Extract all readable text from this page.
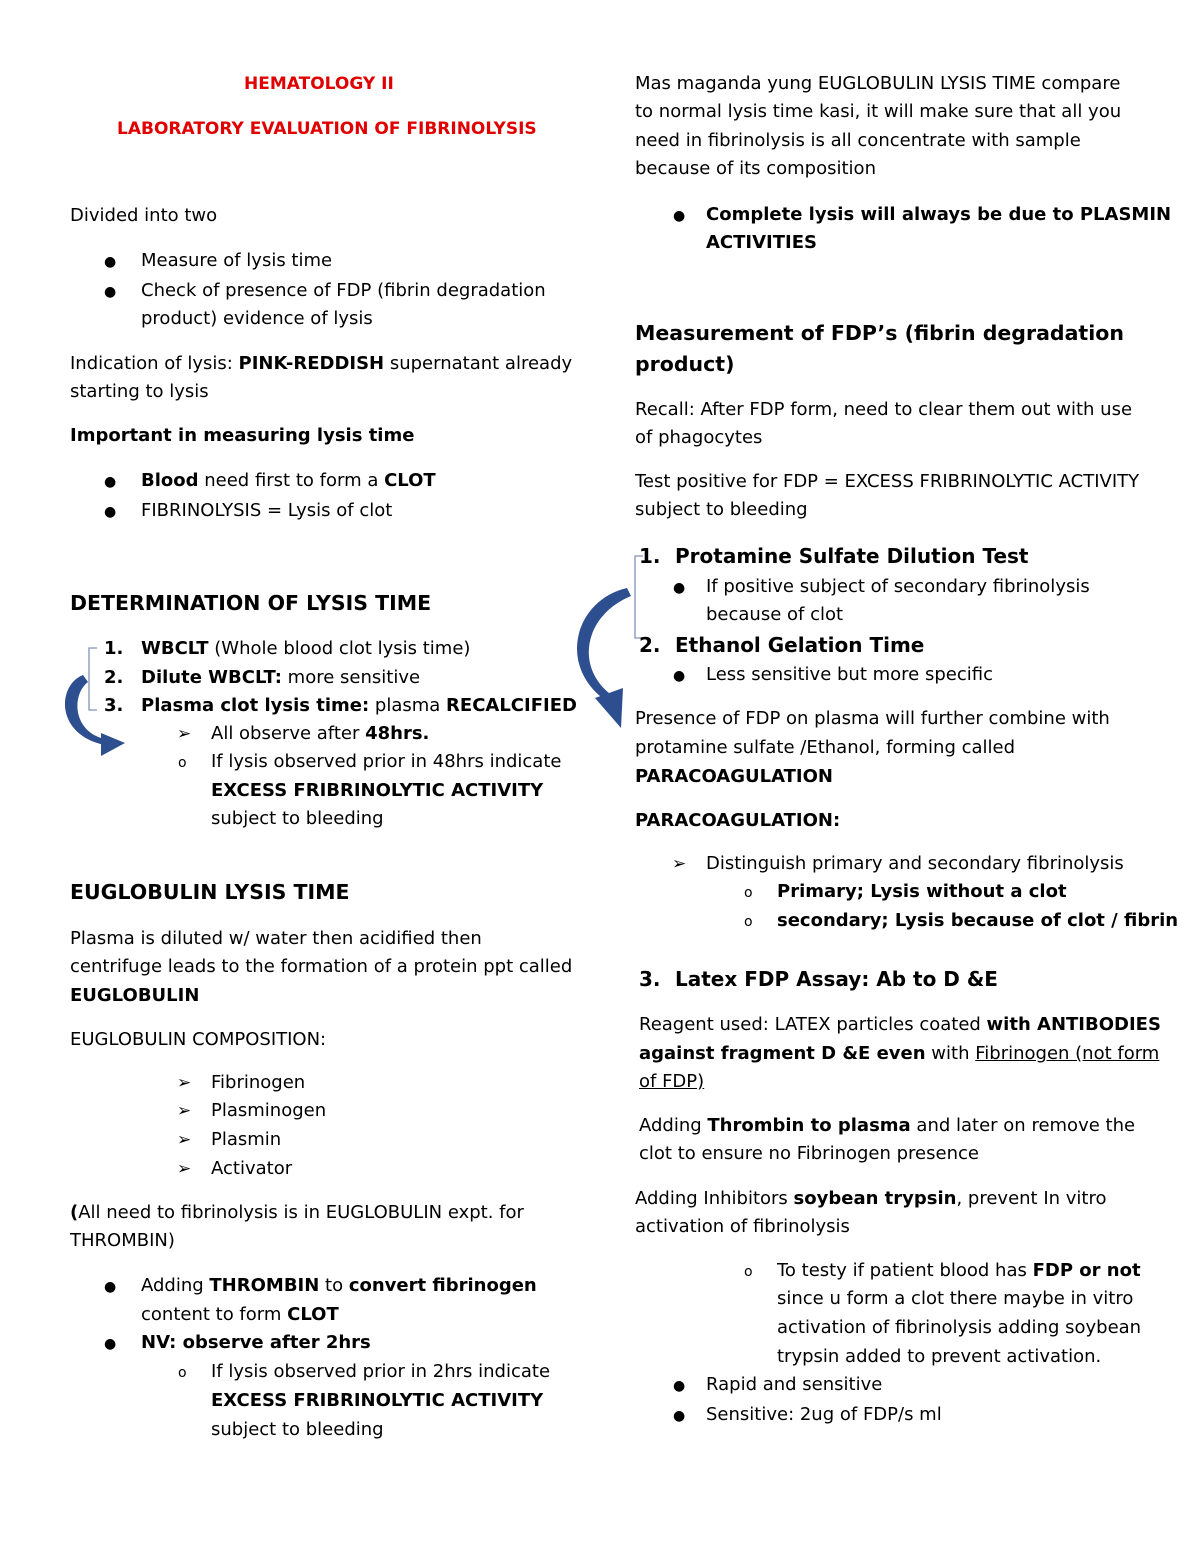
HEMATOLOGY II
LABORATORY EVALUATION OF FIBRINOLYSIS
Divided into two
● Measure of lysis time
● Check of presence of FDP (fibrin degradation
product) evidence of lysis
Indication of lysis: PINK-REDDISH supernatant already
starting to lysis
Important in measuring lysis time
● Blood need first to form a CLOT
● FIBRINOLYSIS = Lysis of clot
DETERMINATION OF LYSIS TIME
1. WBCLT (Whole blood clot lysis time)
2. Dilute WBCLT: more sensitive
3. Plasma clot lysis time: plasma RECALCIFIED
➢ All observe after 48hrs.
o If lysis observed prior in 48hrs indicate
EXCESS FRIBRINOLYTIC ACTIVITY
subject to bleeding
EUGLOBULIN LYSIS TIME
Plasma is diluted w/ water then acidified then
centrifuge leads to the formation of a protein ppt called
EUGLOBULIN
EUGLOBULIN COMPOSITION:
➢ Fibrinogen
➢ Plasminogen
➢ Plasmin
➢ Activator
(All need to fibrinolysis is in EUGLOBULIN expt. for
THROMBIN)
● Adding THROMBIN to convert fibrinogen
content to form CLOT
● NV: observe after 2hrs
o If lysis observed prior in 2hrs indicate
EXCESS FRIBRINOLYTIC ACTIVITY
subject to bleeding
Mas maganda yung EUGLOBULIN LYSIS TIME compare
to normal lysis time kasi, it will make sure that all you
need in fibrinolysis is all concentrate with sample
because of its composition
● Complete lysis will always be due to PLASMIN
ACTIVITIES
Measurement of FDP’s (fibrin degradation
product)
Recall: After FDP form, need to clear them out with use
of phagocytes
Test positive for FDP = EXCESS FRIBRINOLYTIC ACTIVITY
subject to bleeding
1. Protamine Sulfate Dilution Test
● If positive subject of secondary fibrinolysis
because of clot
2. Ethanol Gelation Time
● Less sensitive but more specific
Presence of FDP on plasma will further combine with
protamine sulfate /Ethanol, forming called
PARACOAGULATION
PARACOAGULATION:
➢ Distinguish primary and secondary fibrinolysis
o Primary; Lysis without a clot
o secondary; Lysis because of clot / fibrin
3. Latex FDP Assay: Ab to D &E
Reagent used: LATEX particles coated with ANTIBODIES
against fragment D &E even with Fibrinogen (not form
of FDP)
Adding Thrombin to plasma and later on remove the
clot to ensure no Fibrinogen presence
Adding Inhibitors soybean trypsin, prevent In vitro
activation of fibrinolysis
o To testy if patient blood has FDP or not
since u form a clot there maybe in vitro
activation of fibrinolysis adding soybean
trypsin added to prevent activation.
● Rapid and sensitive
● Sensitive: 2ug of FDP/s ml
